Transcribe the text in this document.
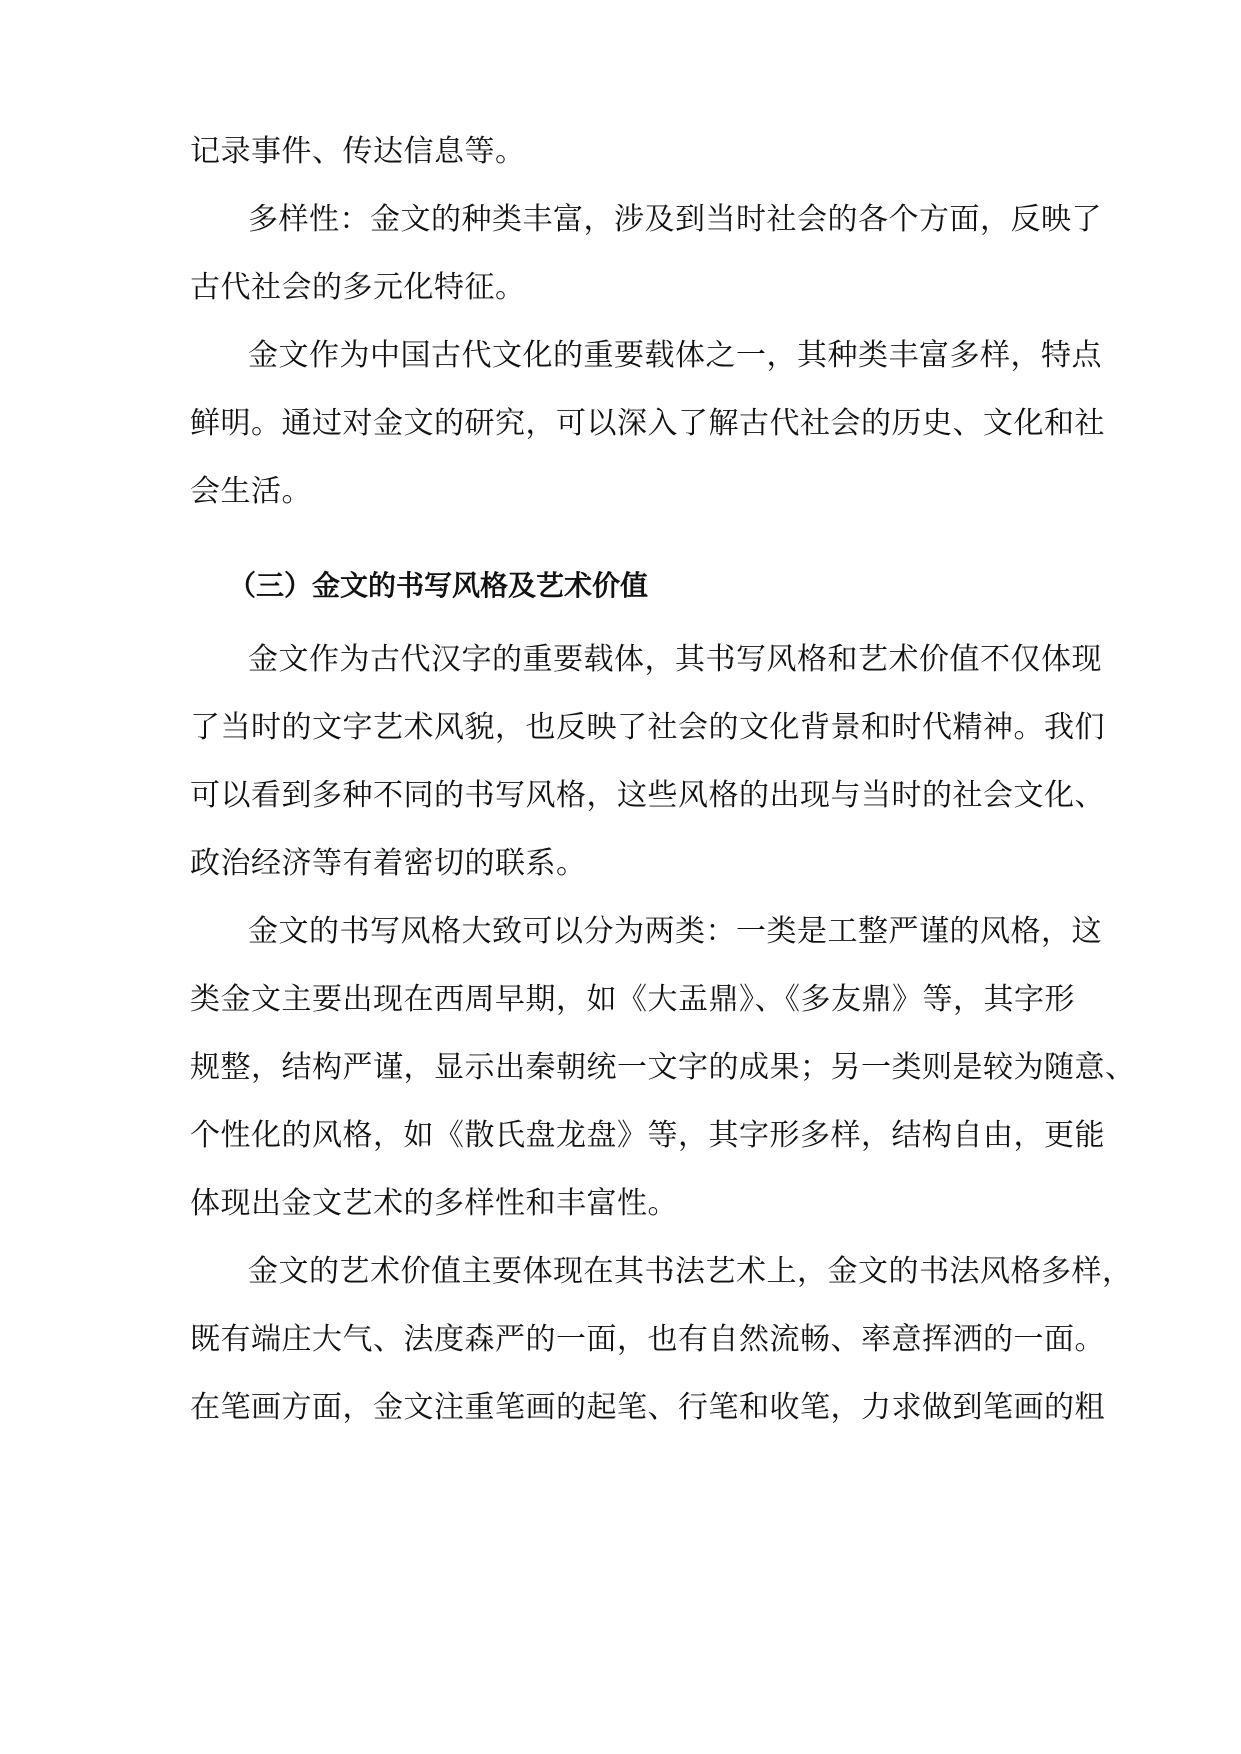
记录事件、传达信息等。
多样性：金文的种类丰富，涉及到当时社会的各个方面，反映了
古代社会的多元化特征。
金文作为中国古代文化的重要载体之一，其种类丰富多样，特点
鲜明。通过对金文的研究，可以深入了解古代社会的历史、文化和社
会生活。
（三）金文的书写风格及艺术价值
金文作为古代汉字的重要载体，其书写风格和艺术价值不仅体现
了当时的文字艺术风貌，也反映了社会的文化背景和时代精神。我们
可以看到多种不同的书写风格，这些风格的出现与当时的社会文化、
政治经济等有着密切的联系。
金文的书写风格大致可以分为两类：一类是工整严谨的风格，这
类金文主要出现在西周早期，如《大盂鼎》、《多友鼎》等，其字形
规整，结构严谨，显示出秦朝统一文字的成果；另一类则是较为随意、
个性化的风格，如《散氏盘龙盘》等，其字形多样，结构自由，更能
体现出金文艺术的多样性和丰富性。
金文的艺术价值主要体现在其书法艺术上，金文的书法风格多样，
既有端庄大气、法度森严的一面，也有自然流畅、率意挥洒的一面。
在笔画方面，金文注重笔画的起笔、行笔和收笔，力求做到笔画的粗
